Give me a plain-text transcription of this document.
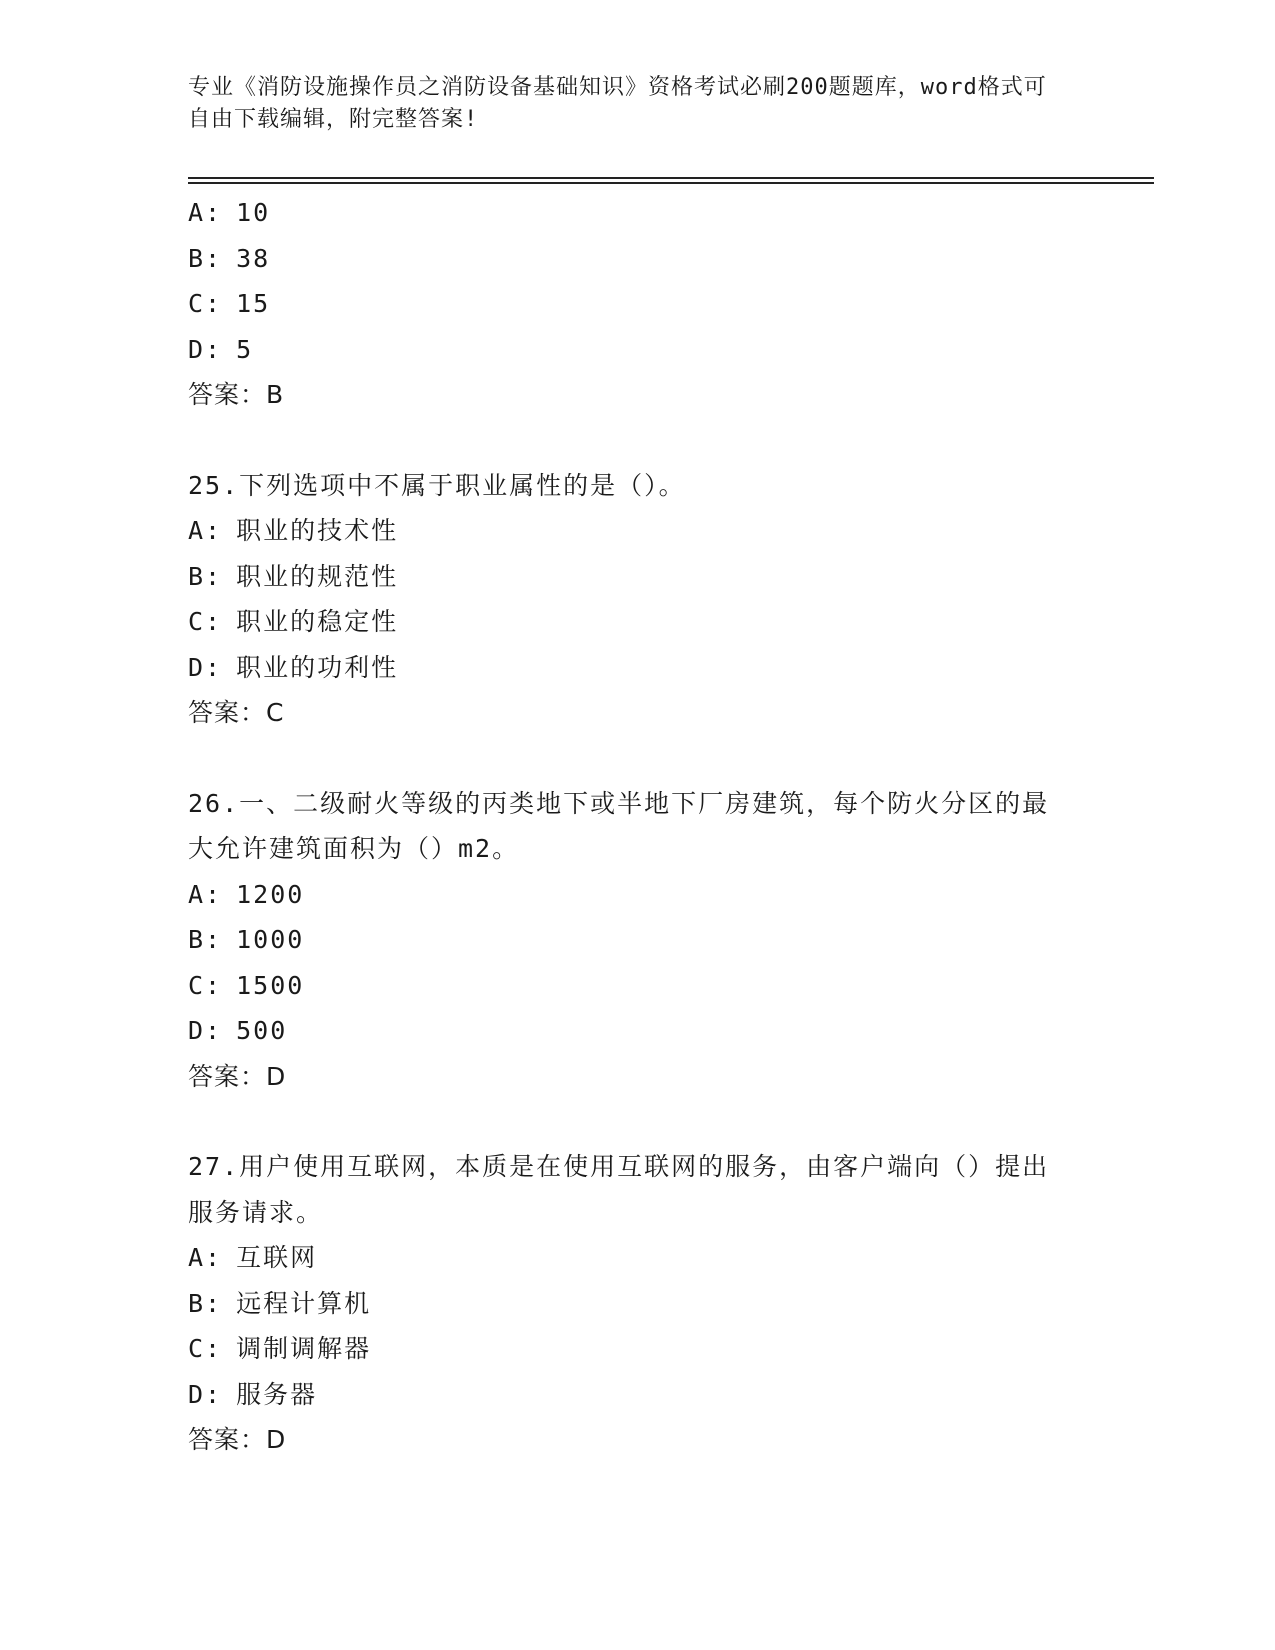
专业《消防设施操作员之消防设备基础知识》资格考试必刷200题题库，word格式可自由下载编辑，附完整答案!
A: 10
B: 38
C: 15
D: 5
答案：B
25.下列选项中不属于职业属性的是（）。
A: 职业的技术性
B: 职业的规范性
C: 职业的稳定性
D: 职业的功利性
答案：C
26.一、二级耐火等级的丙类地下或半地下厂房建筑，每个防火分区的最大允许建筑面积为（）m2。
A: 1200
B: 1000
C: 1500
D: 500
答案：D
27.用户使用互联网，本质是在使用互联网的服务，由客户端向（）提出服务请求。
A: 互联网
B: 远程计算机
C: 调制调解器
D: 服务器
答案：D
